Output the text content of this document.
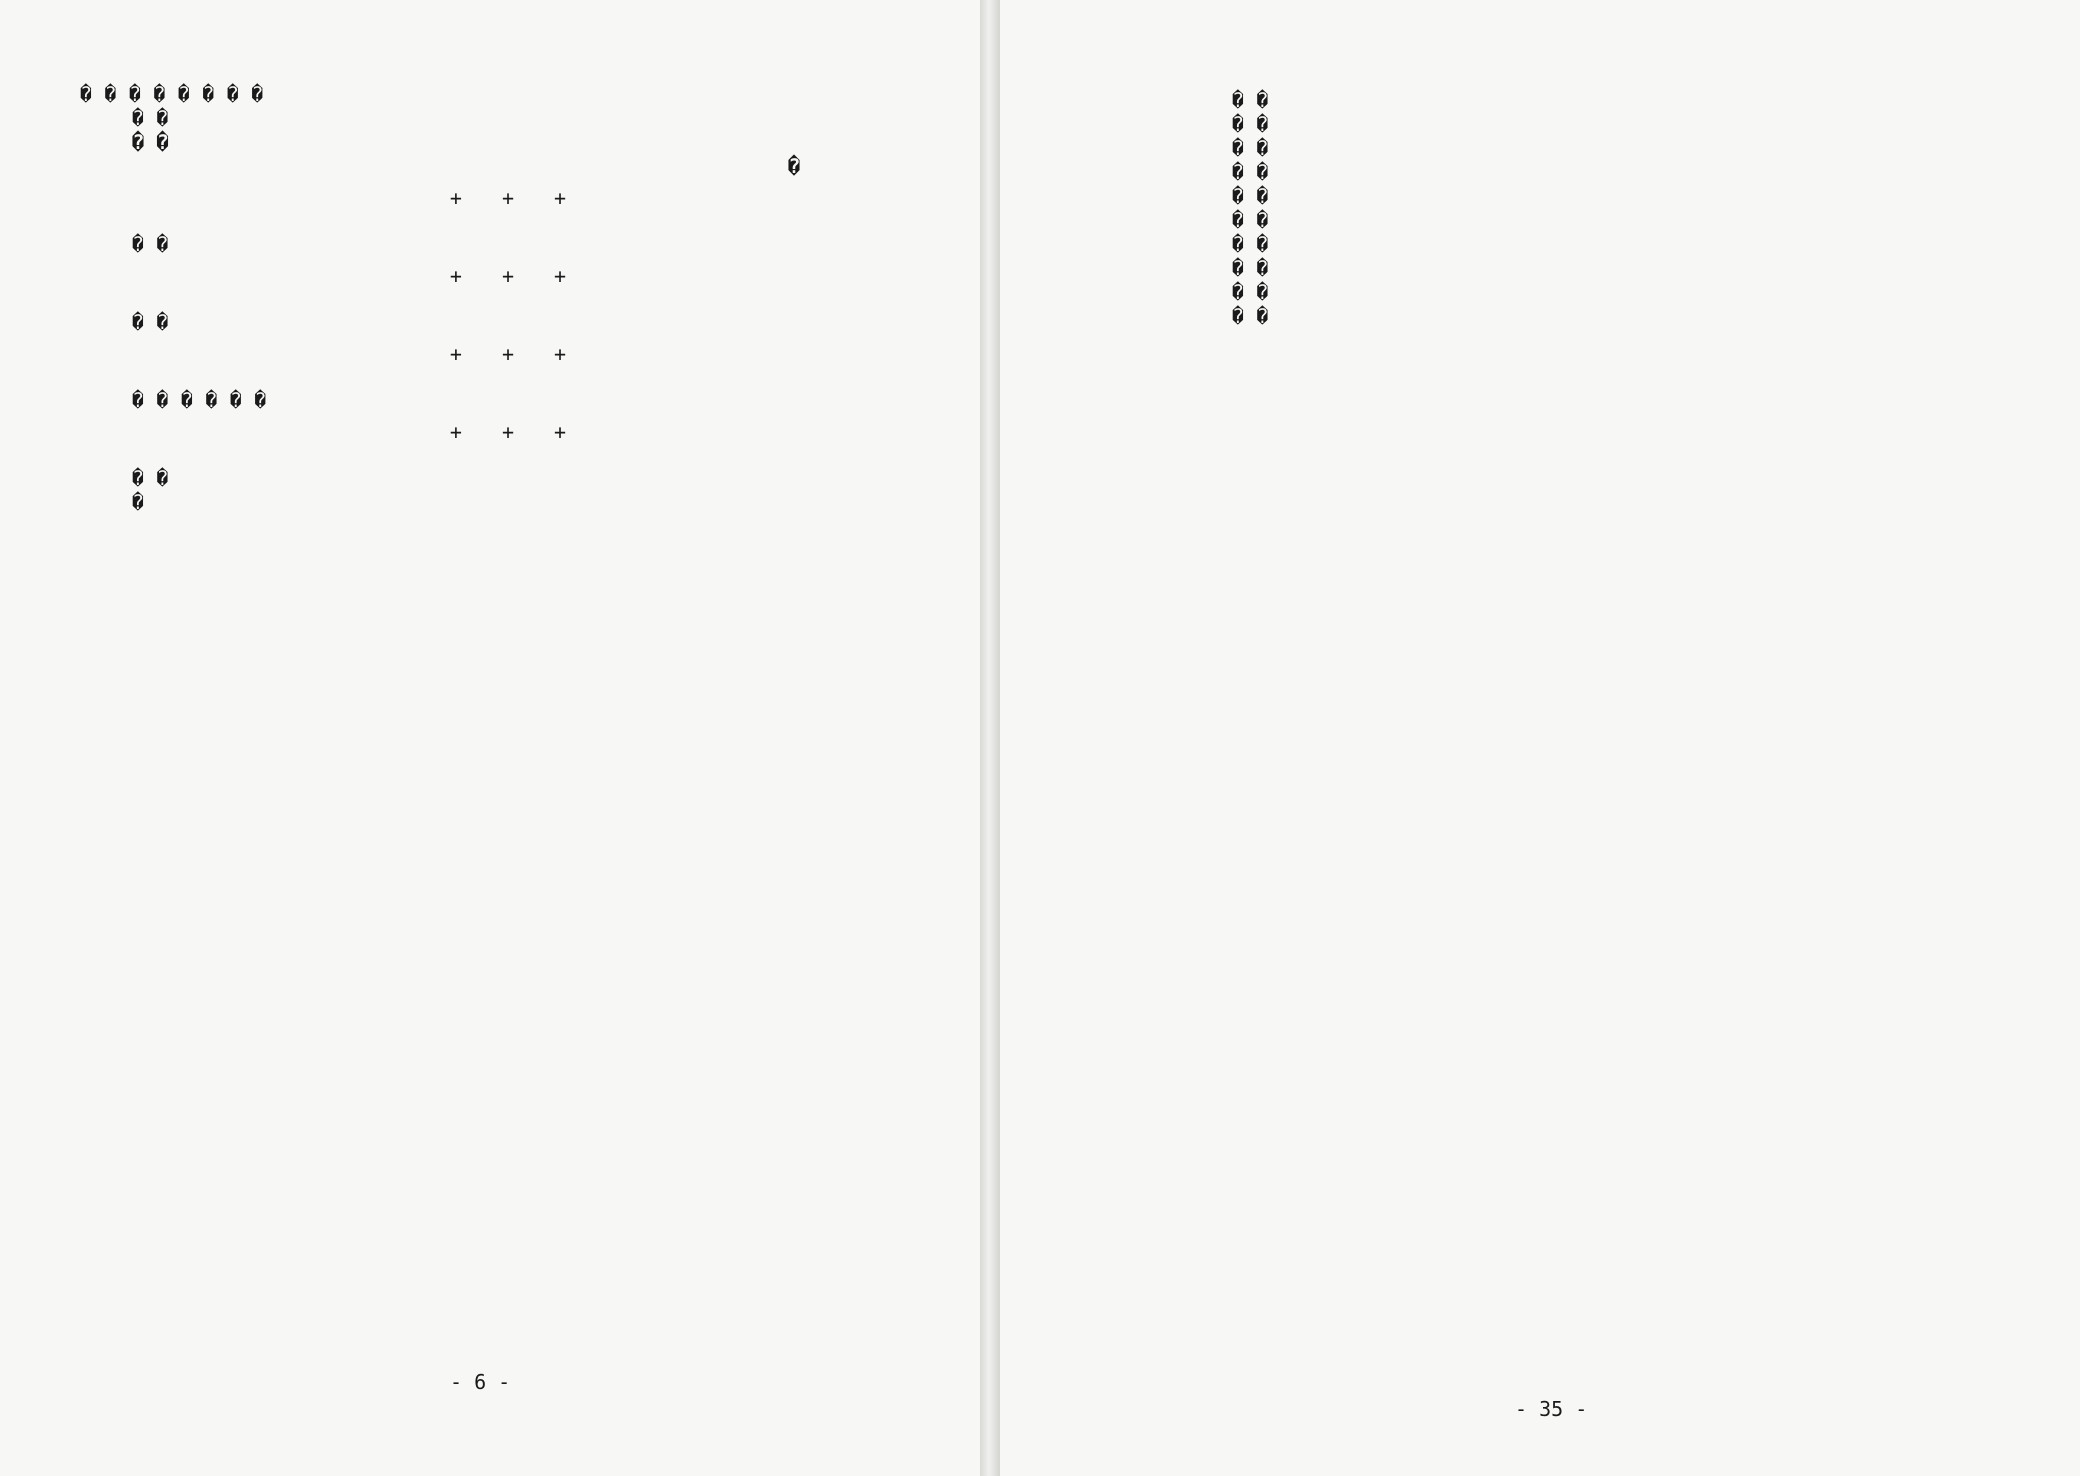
� � � � � � � �

� �

� �

�

+ + +

� �

+ + +

� �

+ + +

� � � � � �

+ + +

� �

�

- 6 -

� �

� �

� �

� �

� �

� �

� �

� �

� �

� �

- 35 -
